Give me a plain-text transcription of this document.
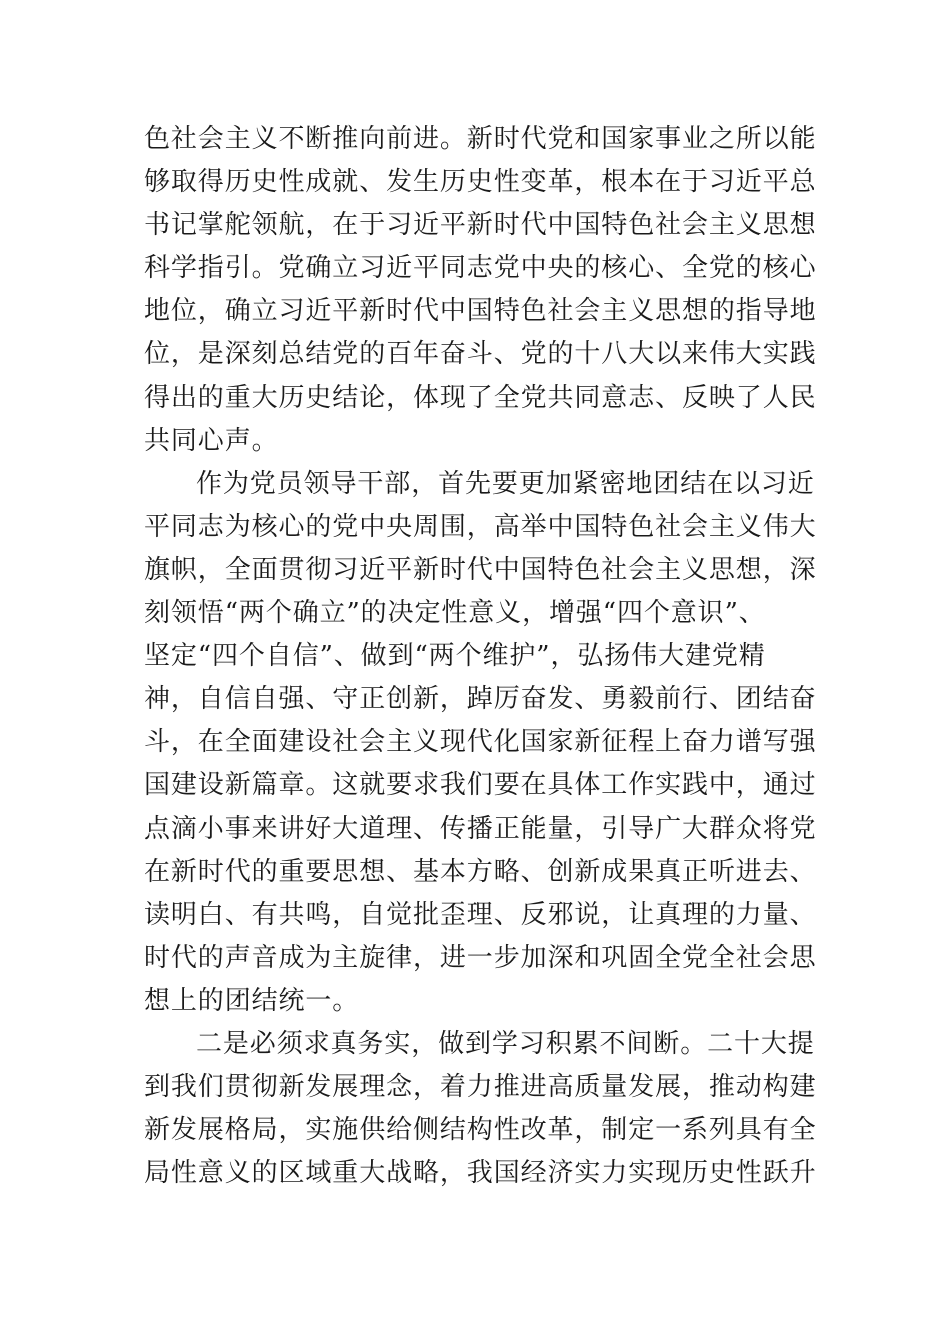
色社会主义不断推向前进。新时代党和国家事业之所以能
够取得历史性成就、发生历史性变革，根本在于习近平总
书记掌舵领航，在于习近平新时代中国特色社会主义思想
科学指引。党确立习近平同志党中央的核心、全党的核心
地位，确立习近平新时代中国特色社会主义思想的指导地
位，是深刻总结党的百年奋斗、党的十八大以来伟大实践
得出的重大历史结论，体现了全党共同意志、反映了人民
共同心声。
作为党员领导干部，首先要更加紧密地团结在以习近
平同志为核心的党中央周围，高举中国特色社会主义伟大
旗帜，全面贯彻习近平新时代中国特色社会主义思想，深
刻领悟“两个确立”的决定性意义，增强“四个意识”、
坚定“四个自信”、做到“两个维护”，弘扬伟大建党精
神，自信自强、守正创新，踔厉奋发、勇毅前行、团结奋
斗，在全面建设社会主义现代化国家新征程上奋力谱写强
国建设新篇章。这就要求我们要在具体工作实践中，通过
点滴小事来讲好大道理、传播正能量，引导广大群众将党
在新时代的重要思想、基本方略、创新成果真正听进去、
读明白、有共鸣，自觉批歪理、反邪说，让真理的力量、
时代的声音成为主旋律，进一步加深和巩固全党全社会思
想上的团结统一。
二是必须求真务实，做到学习积累不间断。二十大提
到我们贯彻新发展理念，着力推进高质量发展，推动构建
新发展格局，实施供给侧结构性改革，制定一系列具有全
局性意义的区域重大战略，我国经济实力实现历史性跃升
